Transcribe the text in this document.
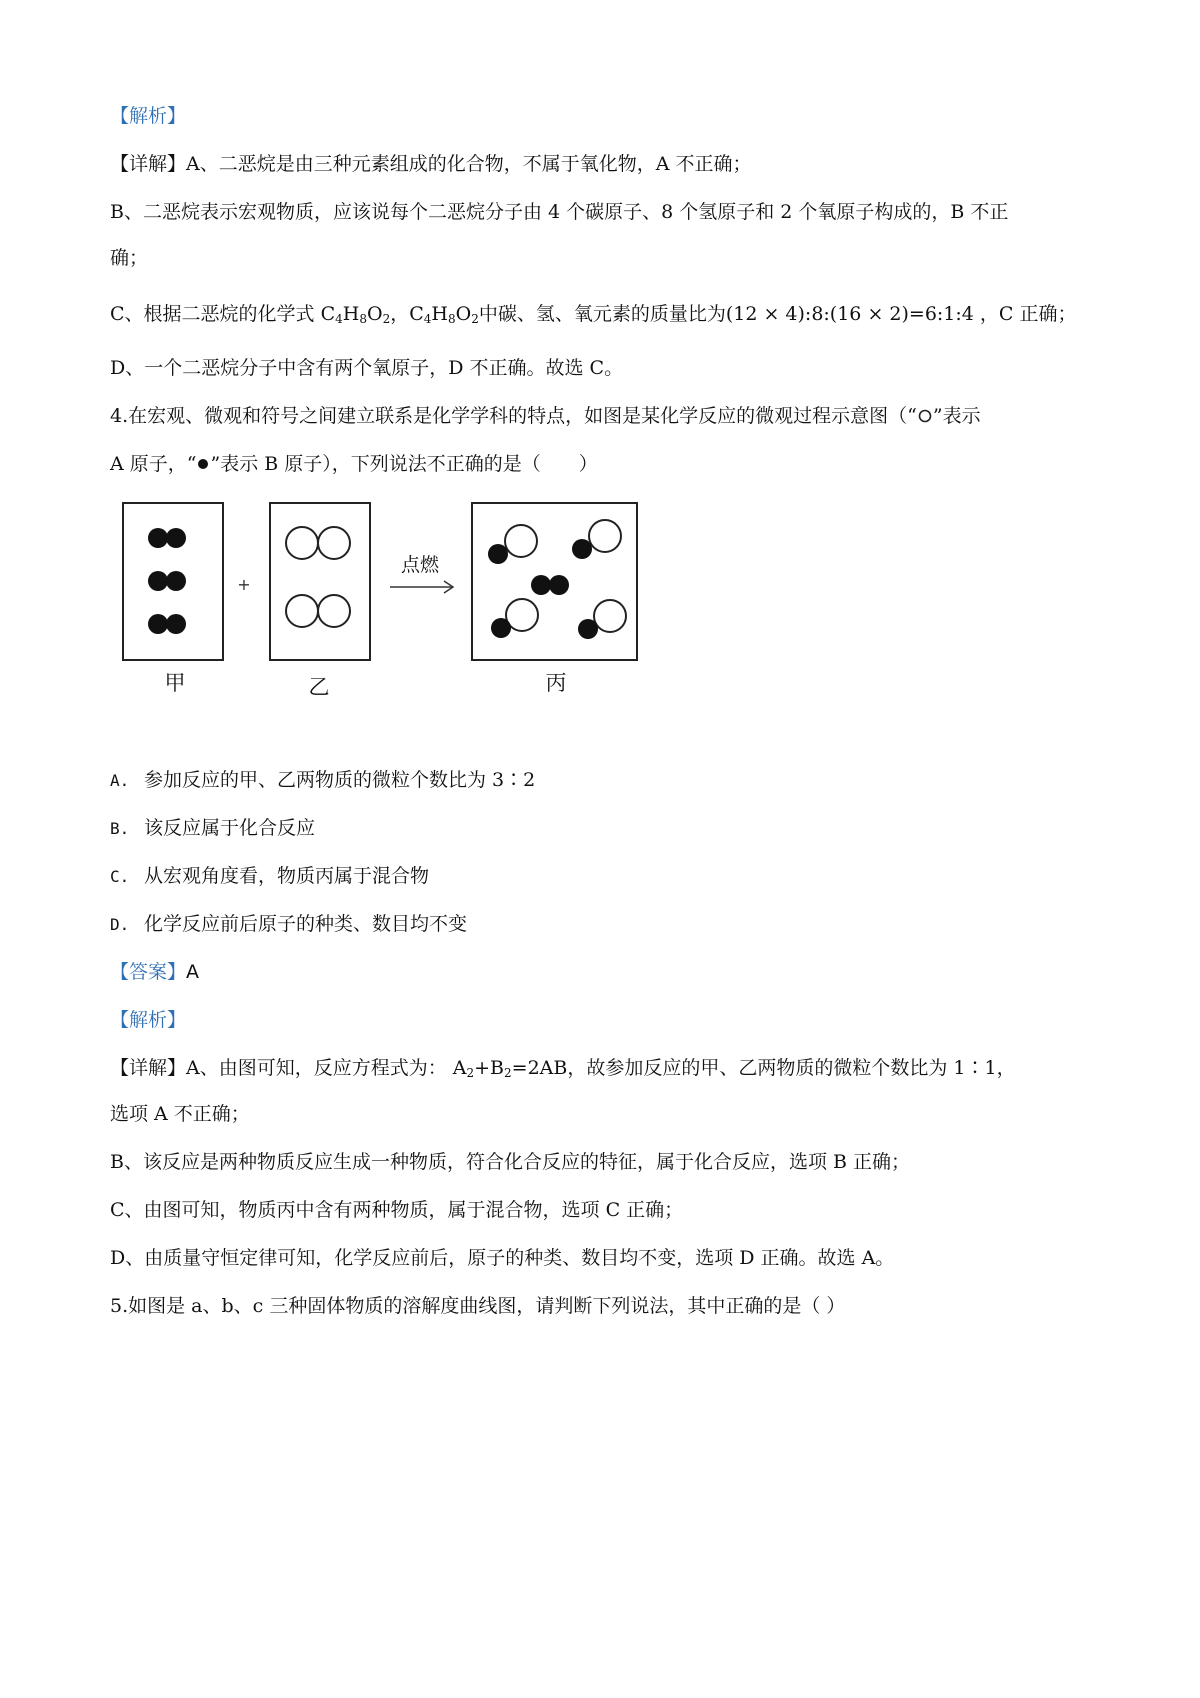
【解析】
【详解】A、二恶烷是由三种元素组成的化合物，不属于氧化物，A 不正确；
B、二恶烷表示宏观物质，应该说每个二恶烷分子由 4 个碳原子、8 个氢原子和 2 个氧原子构成的，B 不正
确；
C、根据二恶烷的化学式 $C_4H_8O_2$，$C_4H_8O_2$中碳、氢、氧元素的质量比为(12 × 4):8:(16 × 2)=6:1:4 ，C 正确；
D、一个二恶烷分子中含有两个氧原子，D 不正确。故选 C。
4.在宏观、微观和符号之间建立联系是化学学科的特点，如图是某化学反应的微观过程示意图（“ ”表示
A 原子，“ ”表示 B 原子），下列说法不正确的是（　　）
+
点燃
甲	乙	丙
A. 参加反应的甲、乙两物质的微粒个数比为 3∶2
B. 该反应属于化合反应
C. 从宏观角度看，物质丙属于混合物
D. 化学反应前后原子的种类、数目均不变
【答案】A
【解析】
【详解】A、由图可知，反应方程式为： $A_2+B_2=2AB$，故参加反应的甲、乙两物质的微粒个数比为 1∶1，
选项 A 不正确；
B、该反应是两种物质反应生成一种物质，符合化合反应的特征，属于化合反应，选项 B 正确；
C、由图可知，物质丙中含有两种物质，属于混合物，选项 C 正确；
D、由质量守恒定律可知，化学反应前后，原子的种类、数目均不变，选项 D 正确。故选 A。
5.如图是 a、b、c 三种固体物质的溶解度曲线图，请判断下列说法，其中正确的是（ ）
